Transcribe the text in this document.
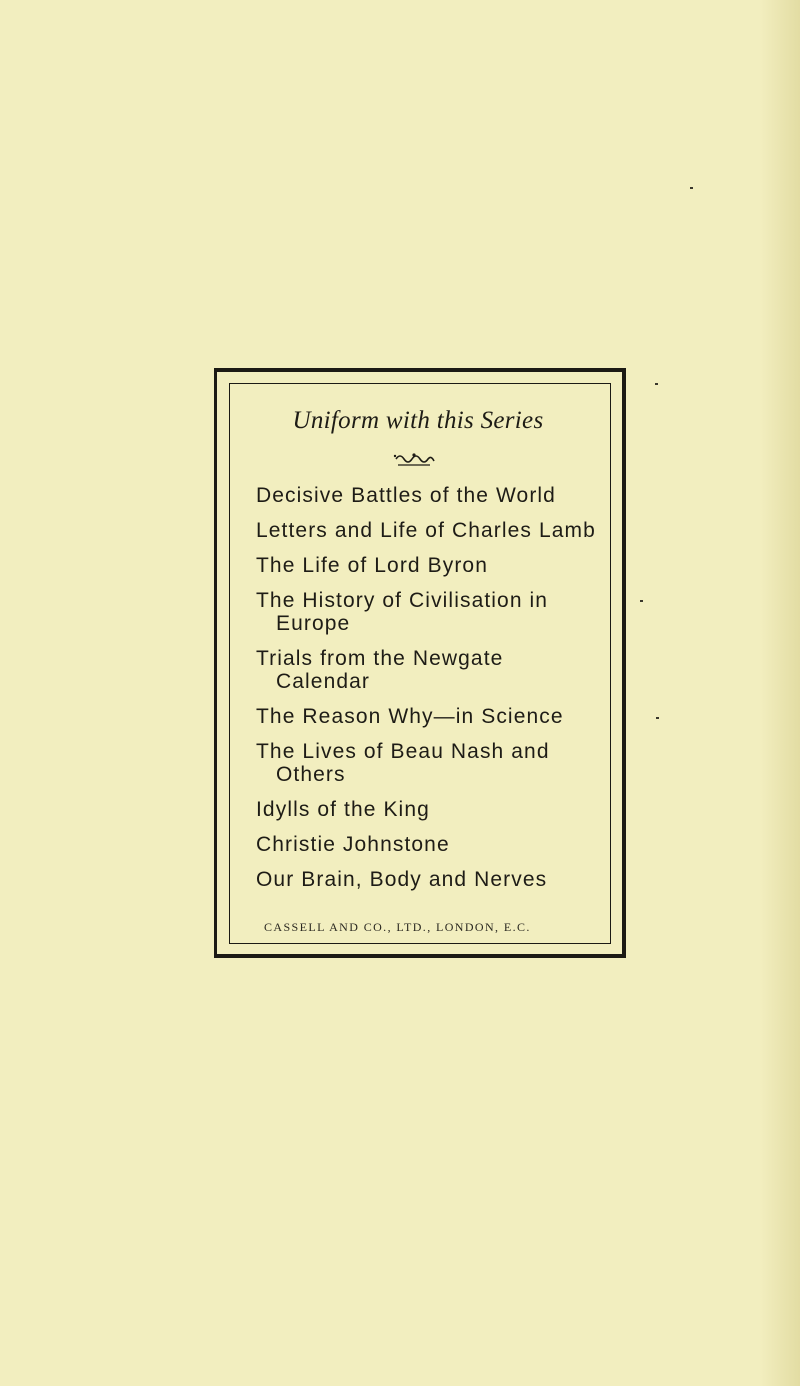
Uniform with this Series
Decisive Battles of the World
Letters and Life of Charles Lamb
The Life of Lord Byron
The History of Civilisation in Europe
Trials from the Newgate Calendar
The Reason Why—in Science
The Lives of Beau Nash and Others
Idylls of the King
Christie Johnstone
Our Brain, Body and Nerves
CASSELL AND CO., LTD., LONDON, E.C.
